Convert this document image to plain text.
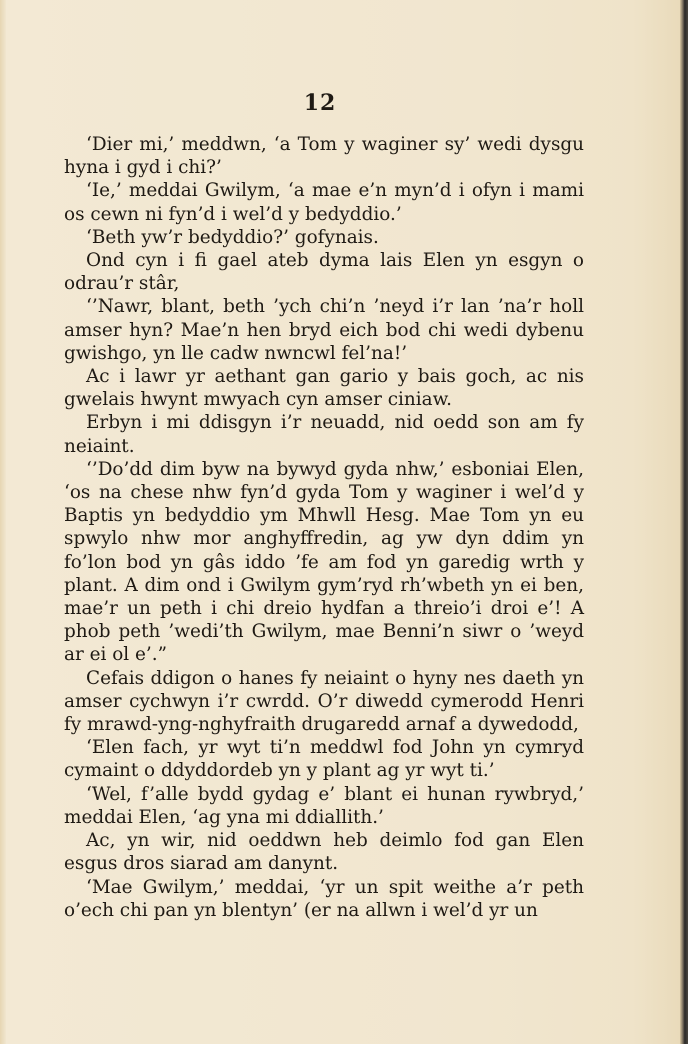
12

‘Dier mi,’ meddwn, ‘a Tom y waginer sy’ wedi dysgu hyna i gyd i chi?’

‘Ie,’ meddai Gwilym, ‘a mae e’n myn’d i ofyn i mami os cewn ni fyn’d i wel’d y bedyddio.’

‘Beth yw’r bedyddio?’ gofynais.

Ond cyn i fi gael ateb dyma lais Elen yn esgyn o odrau’r stâr,

‘’Nawr, blant, beth ’ych chi’n ’neyd i’r lan ’na’r holl amser hyn? Mae’n hen bryd eich bod chi wedi dybenu gwishgo, yn lle cadw nwncwl fel’na!’

Ac i lawr yr aethant gan gario y bais goch, ac nis gwelais hwynt mwyach cyn amser ciniaw.

Erbyn i mi ddisgyn i’r neuadd, nid oedd son am fy neiaint.

‘’Do’dd dim byw na bywyd gyda nhw,’ esboniai Elen, ‘os na chese nhw fyn’d gyda Tom y waginer i wel’d y Baptis yn bedyddio ym Mhwll Hesg. Mae Tom yn eu spwylo nhw mor anghyffredin, ag yw dyn ddim yn fo’lon bod yn gâs iddo ’fe am fod yn garedig wrth y plant. A dim ond i Gwilym gym’ryd rh’wbeth yn ei ben, mae’r un peth i chi dreio hydfan a threio’i droi e’! A phob peth ’wedi’th Gwilym, mae Benni’n siwr o ’weyd ar ei ol e’.”

Cefais ddigon o hanes fy neiaint o hyny nes daeth yn amser cychwyn i’r cwrdd. O’r diwedd cymerodd Henri fy mrawd-yng-nghyfraith drugaredd arnaf a dywedodd,

‘Elen fach, yr wyt ti’n meddwl fod John yn cymryd cymaint o ddyddordeb yn y plant ag yr wyt ti.’

‘Wel, f’alle bydd gydag e’ blant ei hunan rywbryd,’ meddai Elen, ‘ag yna mi ddiallith.’

Ac, yn wir, nid oeddwn heb deimlo fod gan Elen esgus dros siarad am danynt.

‘Mae Gwilym,’ meddai, ‘yr un spit weithe a’r peth o’ech chi pan yn blentyn’ (er na allwn i wel’d yr un
